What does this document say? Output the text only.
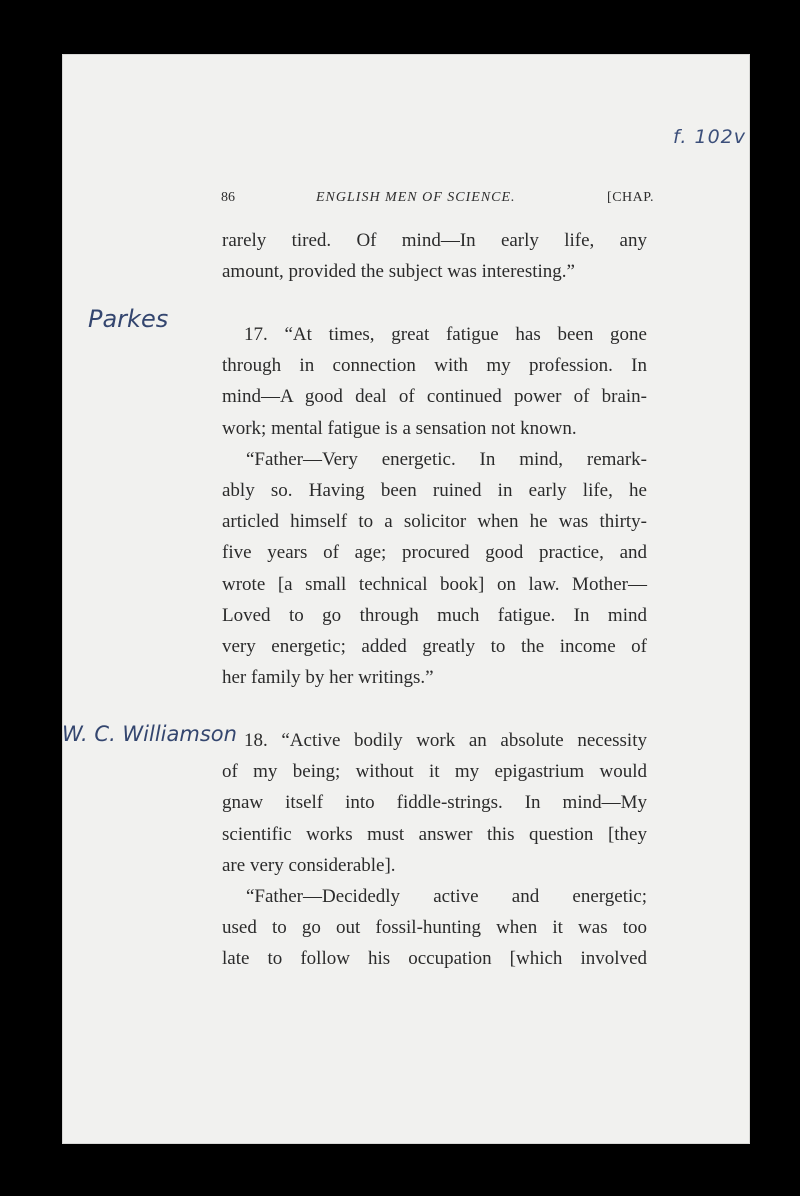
f. 102v
86	ENGLISH MEN OF SCIENCE.	[CHAP.
Parkes
W. C. Williamson
rarely tired. Of mind—In early life, any
amount, provided the subject was interesting.”
17. “At times, great fatigue has been gone
through in connection with my profession. In
mind—A good deal of continued power of brain-
work; mental fatigue is a sensation not known.
“Father—Very energetic. In mind, remark-
ably so. Having been ruined in early life, he
articled himself to a solicitor when he was thirty-
five years of age; procured good practice, and
wrote [a small technical book] on law. Mother—
Loved to go through much fatigue. In mind
very energetic; added greatly to the income of
her family by her writings.”
18. “Active bodily work an absolute necessity
of my being; without it my epigastrium would
gnaw itself into fiddle-strings. In mind—My
scientific works must answer this question [they
are very considerable].
“Father—Decidedly active and energetic;
used to go out fossil-hunting when it was too
late to follow his occupation [which involved
